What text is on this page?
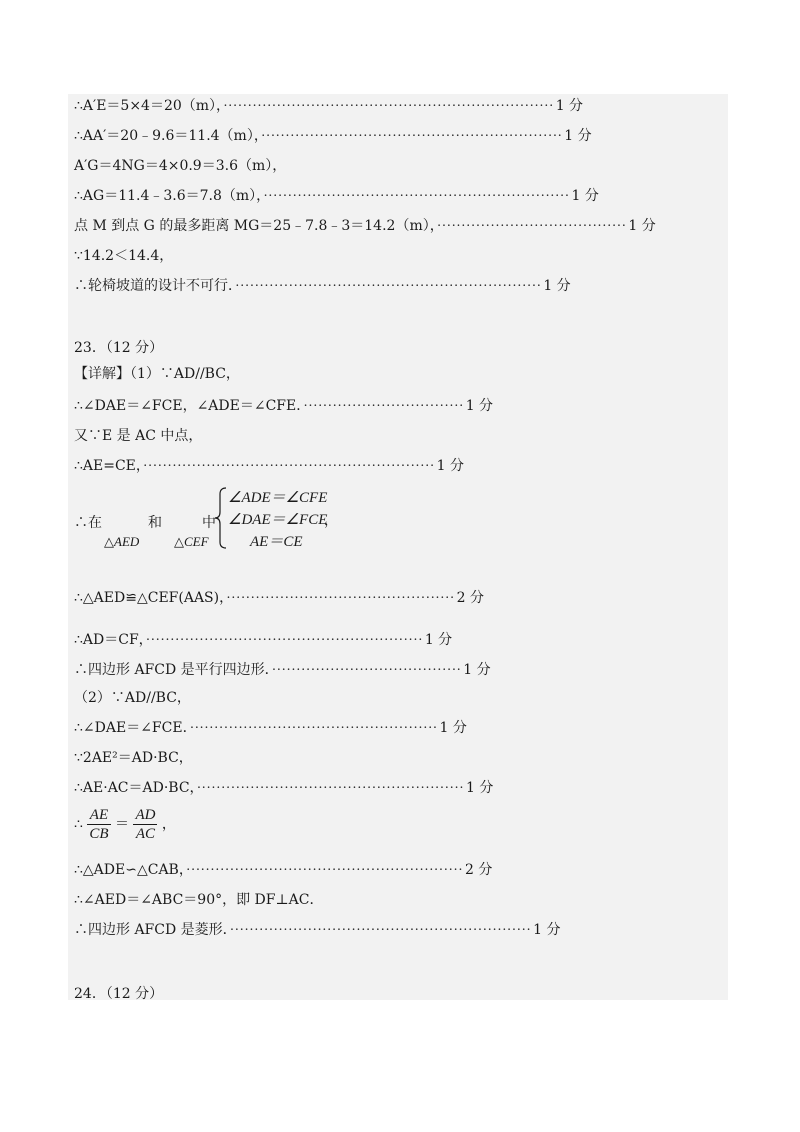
∴A′E＝5×4＝20（m），···································································· 1 分
∴AA′＝20﹣9.6＝11.4（m），······························································ 1 分
A′G＝4NG＝4×0.9＝3.6（m），
∴AG＝11.4﹣3.6＝7.8（m），······························································· 1 分
点 M 到点 G 的最多距离 MG＝25﹣7.8﹣3＝14.2（m），······································· 1 分
∵14.2＜14.4，
∴轮椅坡道的设计不可行．······························································· 1 分
23．（12 分）
【详解】（1）∵AD//BC，
∴∠DAE＝∠FCE，∠ADE＝∠CFE．································· 1 分
又∵E 是 AC 中点，
∴AE=CE，···························································· 1 分
∴在	和	中
△AED	△CEF
∠ADE＝∠CFE
∠DAE＝∠FCE
AE＝CE
，
∴△AED≌△CEF(AAS)，··············································· 2 分
∴AD＝CF，························································· 1 分
∴四边形 AFCD 是平行四边形．······································· 1 分
（2）∵AD//BC，
∴∠DAE＝∠FCE．··················································· 1 分
∵2AE²＝AD·BC，
∴AE·AC＝AD·BC，······················································· 1 分
∴ $\frac{AE}{CB} = \frac{AD}{AC}$ ，
∴△ADE∽△CAB，························································· 2 分
∴∠AED＝∠ABC＝90°，即 DF⊥AC．
∴四边形 AFCD 是菱形．······························································ 1 分
24．（12 分）
